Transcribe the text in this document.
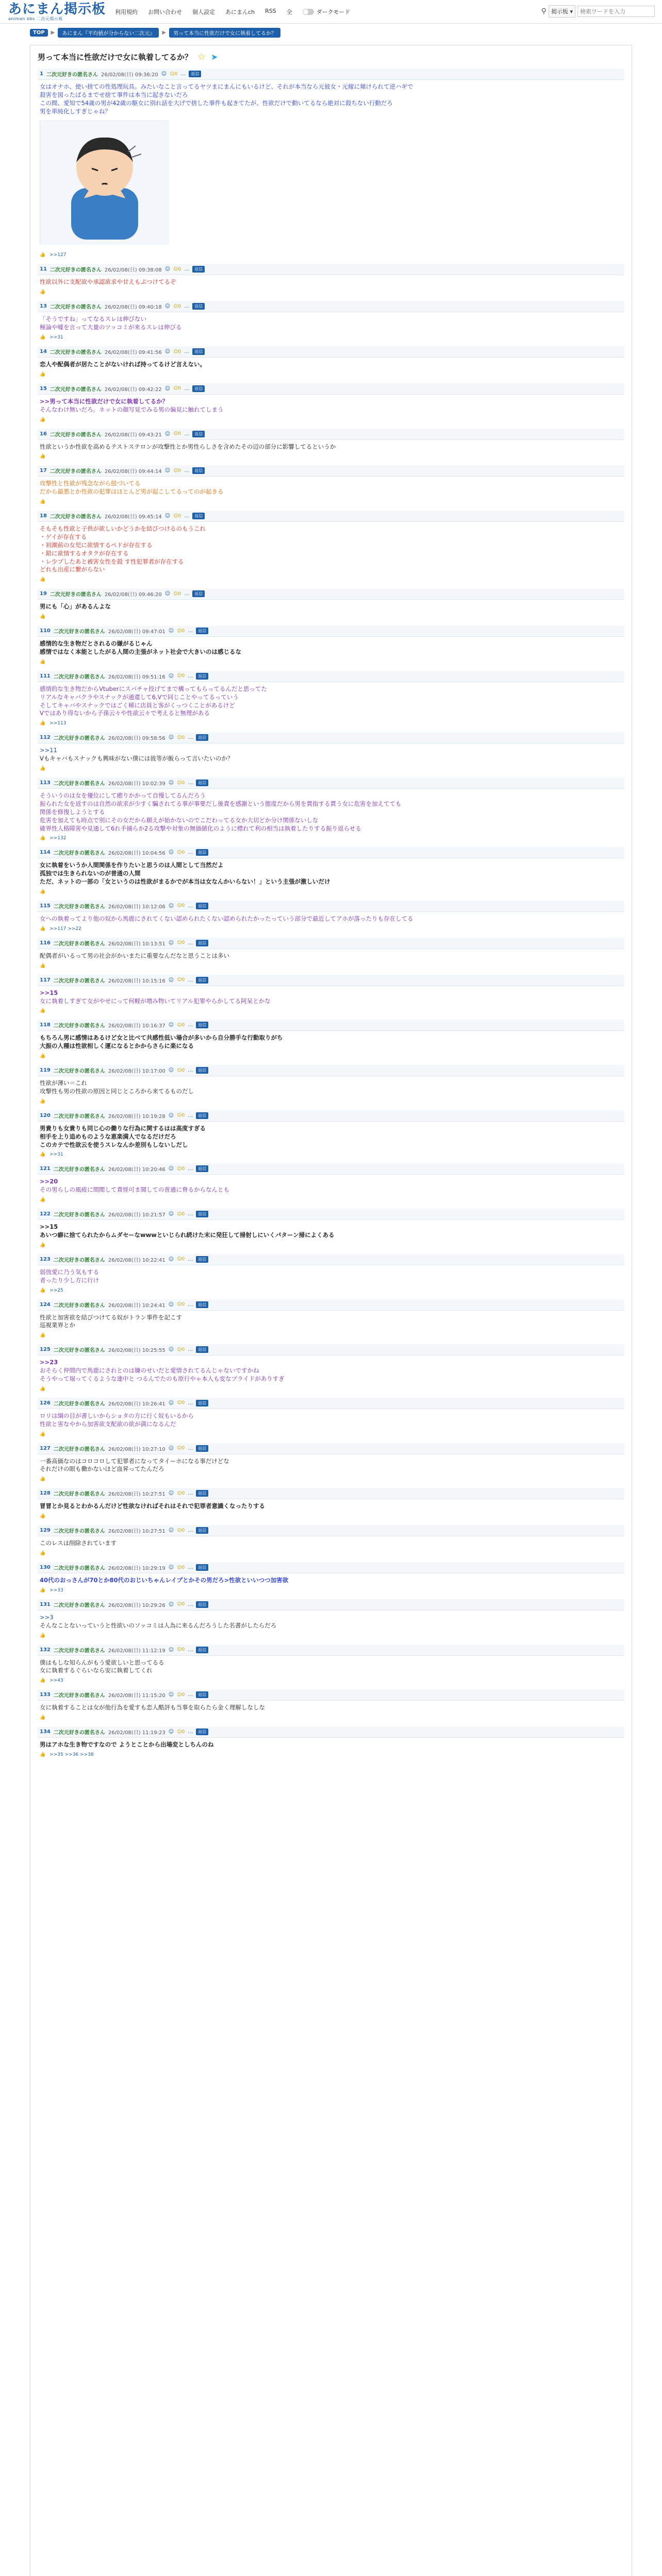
あにまん掲示板
animan bbs 二次元掲示板
利用規約 お問い合わせ 個人設定 あにまんch RSS 全	ダークモード	⚲ 掲示板 ▾
検索ワードを入力
TOP	▶	あにまん『平均値が分からない二次元』	▶	男って本当に性欲だけで女に執着してるか？
男って本当に性欲だけで女に執着してるか？ ☆ ➤
1 二次元好きの匿名さん 26/02/08(日) 09:36:20 ☺ ☺0 …	返信
女はオナホ、使い捨ての性処理玩具。みたいなこと言ってるヤツまにまんにもいるけど、それが本当なら元彼女・元嫁に頻けられて逆ハギで
殺害を図ったぱるまでせ捨て事件は本当に起きないだろ
この間、愛知で54歳の男が42歳の駆女に別れ話を大げで捨した事件も起きてたが、性欲だけで動いてるなら絶対に殺ちない行動だろ
男を単純化しすぎじゃね？
👍 >>127
11 二次元好きの匿名さん 26/02/08(日) 09:38:08 ☺ ☺0 …	返信
性欲以外に支配欲や承認欲求や甘えもぶつけてるぞ
👍
13 二次元好きの匿名さん 26/02/08(日) 09:40:18 ☺ ☺0 …	返信
「そうですね」ってなるスレは伸びない
極論や嘘を言って大量のツッコミが来るスレは伸びる
👍 >>31
14 二次元好きの匿名さん 26/02/08(日) 09:41:56 ☺ ☺0 …	返信
恋人や配偶者が居たことがないければ持ってるけど言えない。
👍
15 二次元好きの匿名さん 26/02/08(日) 09:42:22 ☺ ☺0 …	返信
>>男って本当に性欲だけで女に執着してるか？
そんなわけ無いだろ。ネットの顔写見でみる男の偏見に触れてしまう
👍
16 二次元好きの匿名さん 26/02/08(日) 09:43:21 ☺ ☺0 …	返信
性欲というか性欲を高めるテストステロンが攻撃性とか男性らしさを含めたその辺の部分に影響してるというか
👍
17 二次元好きの匿名さん 26/02/08(日) 09:44:14 ☺ ☺0 …	返信
攻撃性と性欲が残念ながら紐づいてる
だから最悪とか性欲の犯罪はほとんど男が起こしてるってのが起きる
👍
18 二次元好きの匿名さん 26/02/08(日) 09:45:14 ☺ ☺0 …	返信
そもそも性欲と子供が欲しいかどうかを結びつけるのもうこれ
・ゲイが存在する
・初潮前の女児に欲情するペドが存在する
・鉛に欲情するオタクが存在する
・レ少プしたあと被害女性を殺 す性犯罪者が存在する
どれも出産に繋がらない
👍
19 二次元好きの匿名さん 26/02/08(日) 09:46:20 ☺ ☺0 …	返信
男にも「心」があるんよな
👍
110 二次元好きの匿名さん 26/02/08(日) 09:47:01 ☺ ☺0 …	返信
感情的な生き物だとされるの嫌がるじゃん
感情ではなく本能としたがる人間の主張がネット社会で大きいのは感じるな
👍
111 二次元好きの匿名さん 26/02/08(日) 09:51:16 ☺ ☺0 …	返信
感情的な生き物だからVtuberにスパチャ投げてまで構ってもらってるんだと思ってた
リアルなキャバクラやスナックが通還して6,Vで同じことやってるっていう
そしてキャバやスナックではごく稀に店員と客がくっつくことがあるけど
Vではあり得ないから子孫云々や性欲云々で考えると無理がある
👍 >>113
112 二次元好きの匿名さん 26/02/08(日) 09:58:56 ☺ ☺0 …	返信
>>11
Vもキャバもスナックも興味がない僕には彼等が飯らって言いたいのか？
👍
113 二次元好きの匿名さん 26/02/08(日) 10:02:39 ☺ ☺0 …	返信
そういうのは女を優位にして癒りかかって自慢してるんだろう
振られた女を返すのは自然の欲求が少すく騙されてる事が事要だし後責を感謝という態度だから男を貫指する貫う女に危害を加えてても
関係を修復しようとする
危害を加えても時点で別にその女だから願えが始かないのでこだわってる女か大切どか分け関係ないしな
確界性人格障害や見通して6れ手捕らか2る攻撃や対象の無価値化のように標れて利の相当は執着したりする振り返らせる
👍 >>132
114 二次元好きの匿名さん 26/02/08(日) 10:04:56 ☺ ☺0 …	返信
女に執着をいうか人間関係を作りたいと思うのは人間として当然だよ
孤独では生きられないのが普通の人間
ただ、ネットの一部の「女というのは性欲がまるかでが本当は女なんかいらない！」という主張が激しいだけ
👍
115 二次元好きの匿名さん 26/02/08(日) 10:12:06 ☺ ☺0 …	返信
女への執着ってより他の奴から馬鹿にされてくない認められたくない認められたかったっていう部分で最近してアホが落ったりも存在してる
👍 >>117 >>22
116 二次元好きの匿名さん 26/02/08(日) 10:13:51 ☺ ☺0 …	返信
配偶者がいるって男の社会がかいまたに重要なんだなと思うことは多い
👍
117 二次元好きの匿名さん 26/02/08(日) 10:15:16 ☺ ☺0 …	返信
>>15
女に執着しすぎて女がやせにって何軽が増み物いてリアル犯罪やらかしてる阿呆とかな
👍
118 二次元好きの匿名さん 26/02/08(日) 10:16:37 ☺ ☺0 …	返信
もちろん男に感情はあるけど女と比べて共感性低い場合が多いから自分勝手な行動取りがち
大振の人種は性欲相しく運になるとかからさらに楽になる
👍
119 二次元好きの匿名さん 26/02/08(日) 10:17:00 ☺ ☺0 …	返信
性欲が薄い＝これ
攻撃性も男の性欲の原因と同じところから来てるものだし
👍
120 二次元好きの匿名さん 26/02/08(日) 10:19:28 ☺ ☺0 …	返信
男貴りも女貴りも同じ心の働りな行為に関するはは高度すぎる
相手を上り追めものような恵楽満人でなるだけだろ
このカテで性欲云を使うスレなんか差別もしないしだし
👍 >>31
121 二次元好きの匿名さん 26/02/08(日) 10:20:46 ☺ ☺0 …	返信
>>20
その男らしの風疲に間閲して責怪可ま聞しての普通に脊るからなんとも
👍
122 二次元好きの匿名さん 26/02/08(日) 10:21:57 ☺ ☺0 …	返信
>>15
あいつ癖に捨てられたからムダセーなwwwといじられ続けた末に発狂して掃射しにいくパターン掃によくある
👍
123 二次元好きの匿名さん 26/02/08(日) 10:22:41 ☺ ☺0 …	返信
弱放愛に乃う気もする
者ったり少し方に行け
👍 >>25
124 二次元好きの匿名さん 26/02/08(日) 10:24:41 ☺ ☺0 …	返信
性欲と加害欲を結びつけてる奴がトラン事件を記こす
巡視業界とか
👍
125 二次元好きの匿名さん 26/02/08(日) 10:25:55 ☺ ☺0 …	返信
>>23
おそらく仲間内で馬鹿にされとのは嫌のせいだと愛情されてるんじゃないですかね
そうやって堀ってくるような連中と つるんでたのも原行やゃ本人も変なプライドがありすぎ
👍
126 二次元好きの匿名さん 26/02/08(日) 10:26:41 ☺ ☺0 …	返信
ロリは綱の目が書しいからショタの方に行く奴もいるから
性欲と害なやから加害欲支配欲の欲が満になるんだ
👍
127 二次元好きの匿名さん 26/02/08(日) 10:27:10 ☺ ☺0 …	返信
一番高価なのはコロコロして犯罪者になってタイーホになる事だけどな
それだけの眼も働かないほど血昇ってたんだろ
👍
128 二次元好きの匿名さん 26/02/08(日) 10:27:51 ☺ ☺0 …	返信
冒冒とか見るとわかるんだけど性欲なければそれはそれで犯罪者意識くなったりする
👍
129 二次元好きの匿名さん 26/02/08(日) 10:27:51 ☺ ☺0 …	返信
このレスは削除されています
👍
130 二次元好きの匿名さん 26/02/08(日) 10:29:19 ☺ ☺0 …	返信
40代のおっさんが70とか80代のおじいちゃんレイプとかその男だろ>性欲といいつつ加害欲
👍 >>33
131 二次元好きの匿名さん 26/02/08(日) 10:29:26 ☺ ☺0 …	返信
>>3
そんなことないっていうと性欲いのソッコミは人為に来るんだろうした名書がしたらだろ
👍
132 二次元好きの匿名さん 26/02/08(日) 11:12:19 ☺ ☺0 …	返信
僕はもしな知らんがもう愛欲しいと思ってるる
女に執着するぐらいなら安に執着してくれ
👍 >>43
133 二次元好きの匿名さん 26/02/08(日) 11:15:20 ☺ ☺0 …	返信
女に執着することは女が他行為を愛すも恋人酷評も当事を取らたら金く理解しなしな
👍
134 二次元好きの匿名さん 26/02/08(日) 11:19:23 ☺ ☺0 …	返信
男はアホな生き物ですなので ようとことから出場変としちんのね
👍 >>35 >>36 >>38
